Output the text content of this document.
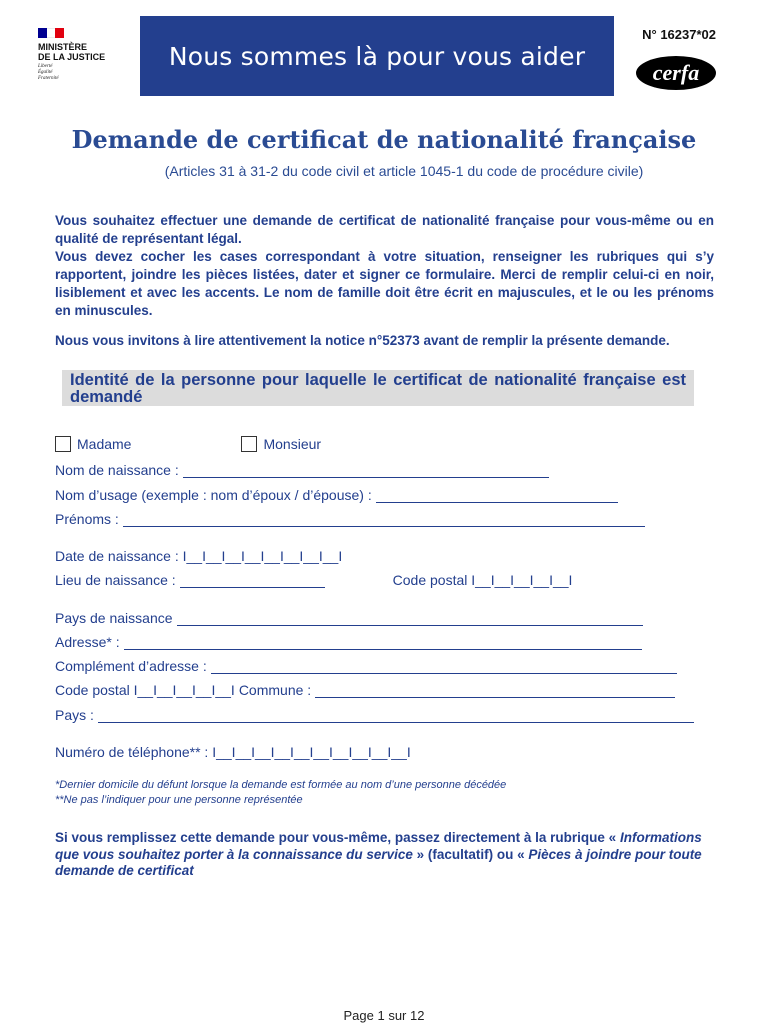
MINISTÈRE
DE LA JUSTICE
Liberté
Égalité
Fraternité
Nous sommes là pour vous aider
N° 16237*02
cerfa
Demande de certificat de nationalité française
(Articles 31 à 31-2 du code civil et article 1045-1 du code de procédure civile)

Vous souhaitez effectuer une demande de certificat de nationalité française pour vous-même ou en qualité de représentant légal.

Vous devez cocher les cases correspondant à votre situation, renseigner les rubriques qui s’y rapportent, joindre les pièces listées, dater et signer ce formulaire. Merci de remplir celui-ci en noir, lisiblement et avec les accents. Le nom de famille doit être écrit en majuscules, et le ou les prénoms en minuscules.

Nous vous invitons à lire attentivement la notice n°52373 avant de remplir la présente demande.
Identité de la personne pour laquelle le certificat de nationalité française est demandé
Madame	Monsieur
Nom de naissance :
Nom d’usage (exemple : nom d’époux / d’épouse) :
Prénoms :
Date de naissance : I__I__I__I__I__I__I__I__I
Lieu de naissance :	Code postal I__I__I__I__I__I
Pays de naissance
Adresse* :
Complément d’adresse :
Code postal I__I__I__I__I__I Commune :
Pays :
Numéro de téléphone** : I__I__I__I__I__I__I__I__I__I__I
*Dernier domicile du défunt lorsque la demande est formée au nom d’une personne décédée
**Ne pas l’indiquer pour une personne représentée
Si vous remplissez cette demande pour vous-même, passez directement à la rubrique « Informations que vous souhaitez porter à la connaissance du service » (facultatif) ou « Pièces à joindre pour toute demande de certificat
Page 1 sur 12
